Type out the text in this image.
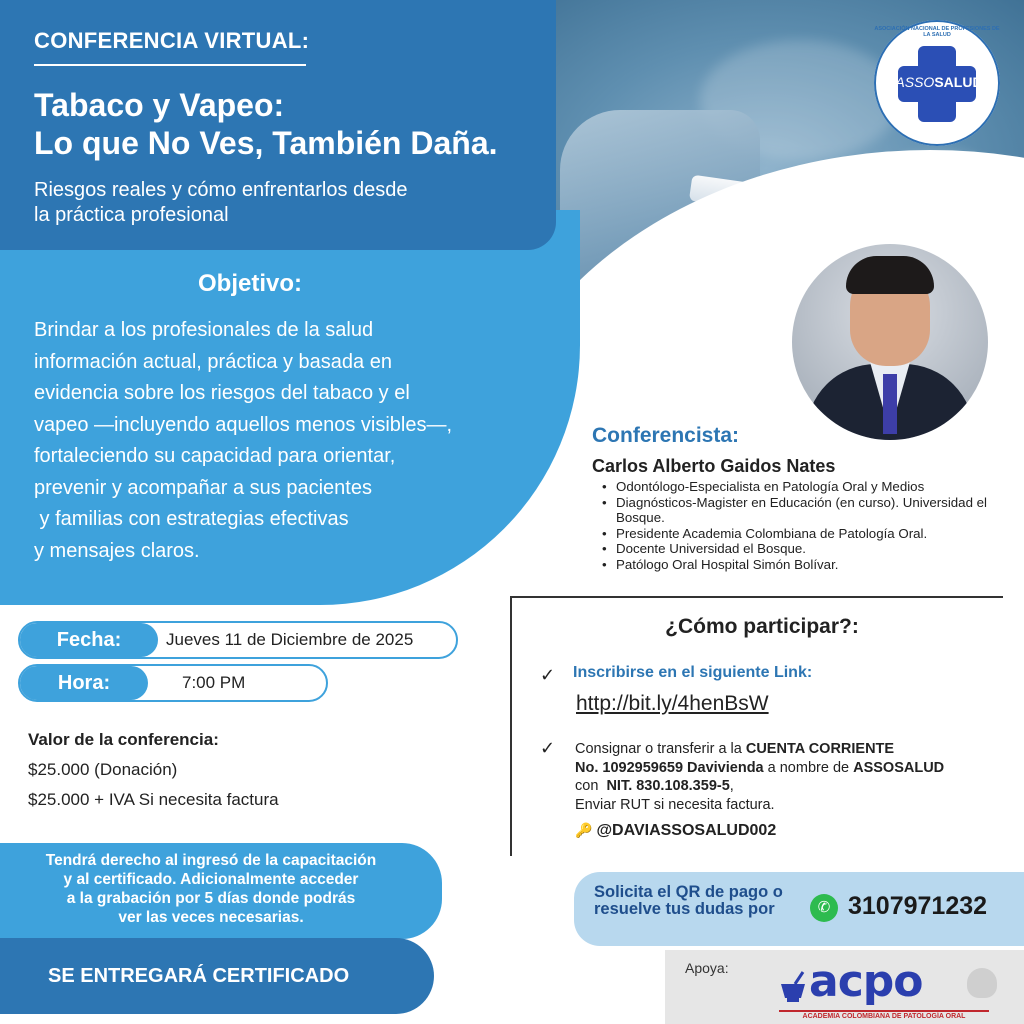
CONFERENCIA VIRTUAL:
Tabaco y Vapeo:
Lo que No Ves, También Daña.
Riesgos reales y cómo enfrentarlos desde
la práctica profesional
Objetivo:
Brindar a los profesionales de la salud
información actual, práctica y basada en
evidencia sobre los riesgos del tabaco y el
vapeo —incluyendo aquellos menos visibles—,
fortaleciendo su capacidad para orientar,
prevenir y acompañar a sus pacientes
y familias con estrategias efectivas
y mensajes claros.
ASOCIACIÓN NACIONAL DE PROFESIONES DE LA SALUD
ASSOSALUD
Conferencista:
Carlos Alberto Gaidos Nates
• Odontólogo-Especialista en Patología Oral y Medios
• Diagnósticos-Magister en Educación (en curso). Universidad el Bosque.
• Presidente Academia Colombiana de Patología Oral.
• Docente Universidad el Bosque.
• Patólogo Oral Hospital Simón Bolívar.
Fecha:	Jueves 11 de Diciembre de 2025
Hora:	7:00 PM
Valor de la conferencia:
$25.000 (Donación)
$25.000 + IVA Si necesita factura
Tendrá derecho al ingresó de la capacitación
y al certificado. Adicionalmente acceder
a la grabación por 5 días donde podrás
ver las veces necesarias.
SE ENTREGARÁ CERTIFICADO
¿Cómo participar?:
✓ Inscribirse en el siguiente Link:
http://bit.ly/4henBsW
✓ Consignar o transferir a la CUENTA CORRIENTE
No. 1092959659 Davivienda a nombre de ASSOSALUD
con  NIT. 830.108.359-5,
Enviar RUT si necesita factura.
🔑 @DAVIASSOSALUD002
Solicita el QR de pago o resuelve tus dudas por	✆ 3107971232
Apoya: acpo
ACADEMIA COLOMBIANA DE PATOLOGÍA ORAL
